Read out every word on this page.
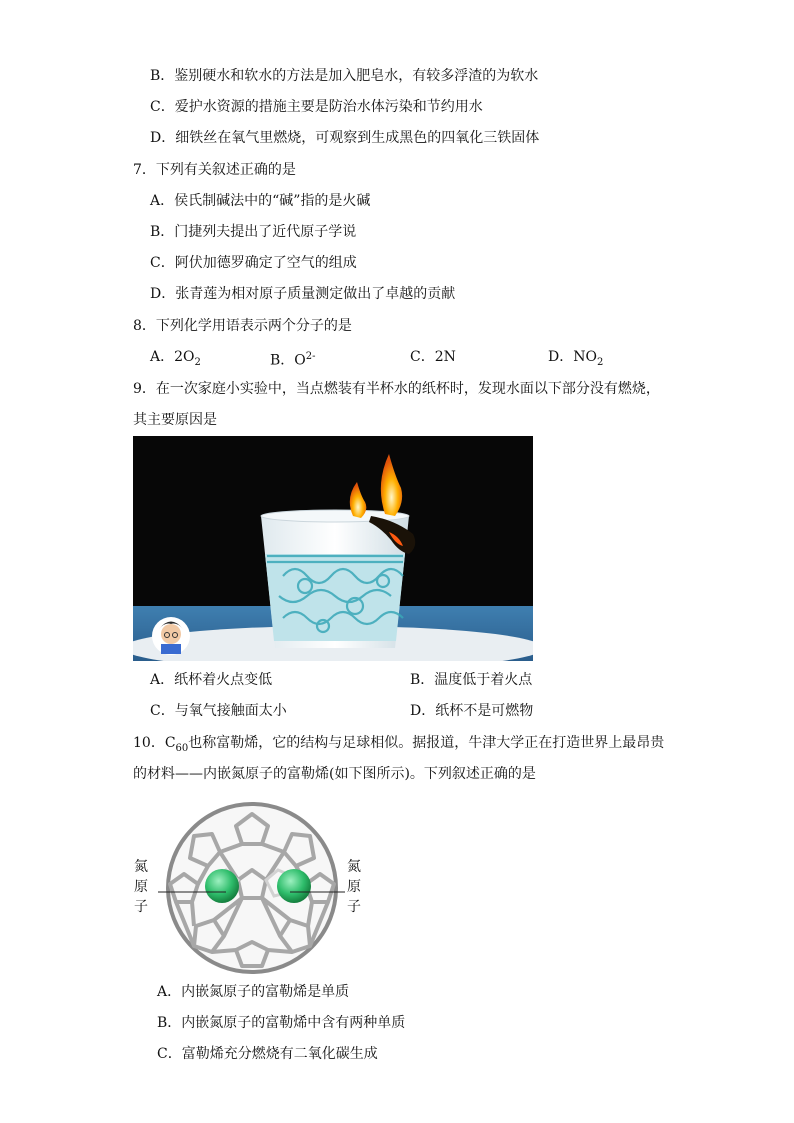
B．鉴别硬水和软水的方法是加入肥皂水，有较多浮渣的为软水
C．爱护水资源的措施主要是防治水体污染和节约用水
D．细铁丝在氧气里燃烧，可观察到生成黑色的四氧化三铁固体
7．下列有关叙述正确的是
A．侯氏制碱法中的“碱”指的是火碱
B．门捷列夫提出了近代原子学说
C．阿伏加德罗确定了空气的组成
D．张青莲为相对原子质量测定做出了卓越的贡献
8．下列化学用语表示两个分子的是
A．$2O_2$	B．$O^{2-}$	C．2N	D．$NO_2$
9．在一次家庭小实验中，当点燃装有半杯水的纸杯时，发现水面以下部分没有燃烧，
其主要原因是
A．纸杯着火点变低	B．温度低于着火点
C．与氧气接触面太小	D．纸杯不是可燃物
10．$C_{60}$也称富勒烯，它的结构与足球相似。据报道，牛津大学正在打造世界上最昂贵
的材料——内嵌氮原子的富勒烯(如下图所示)。下列叙述正确的是
氮
原
子
氮
原
子
A．内嵌氮原子的富勒烯是单质
B．内嵌氮原子的富勒烯中含有两种单质
C．富勒烯充分燃烧有二氧化碳生成
